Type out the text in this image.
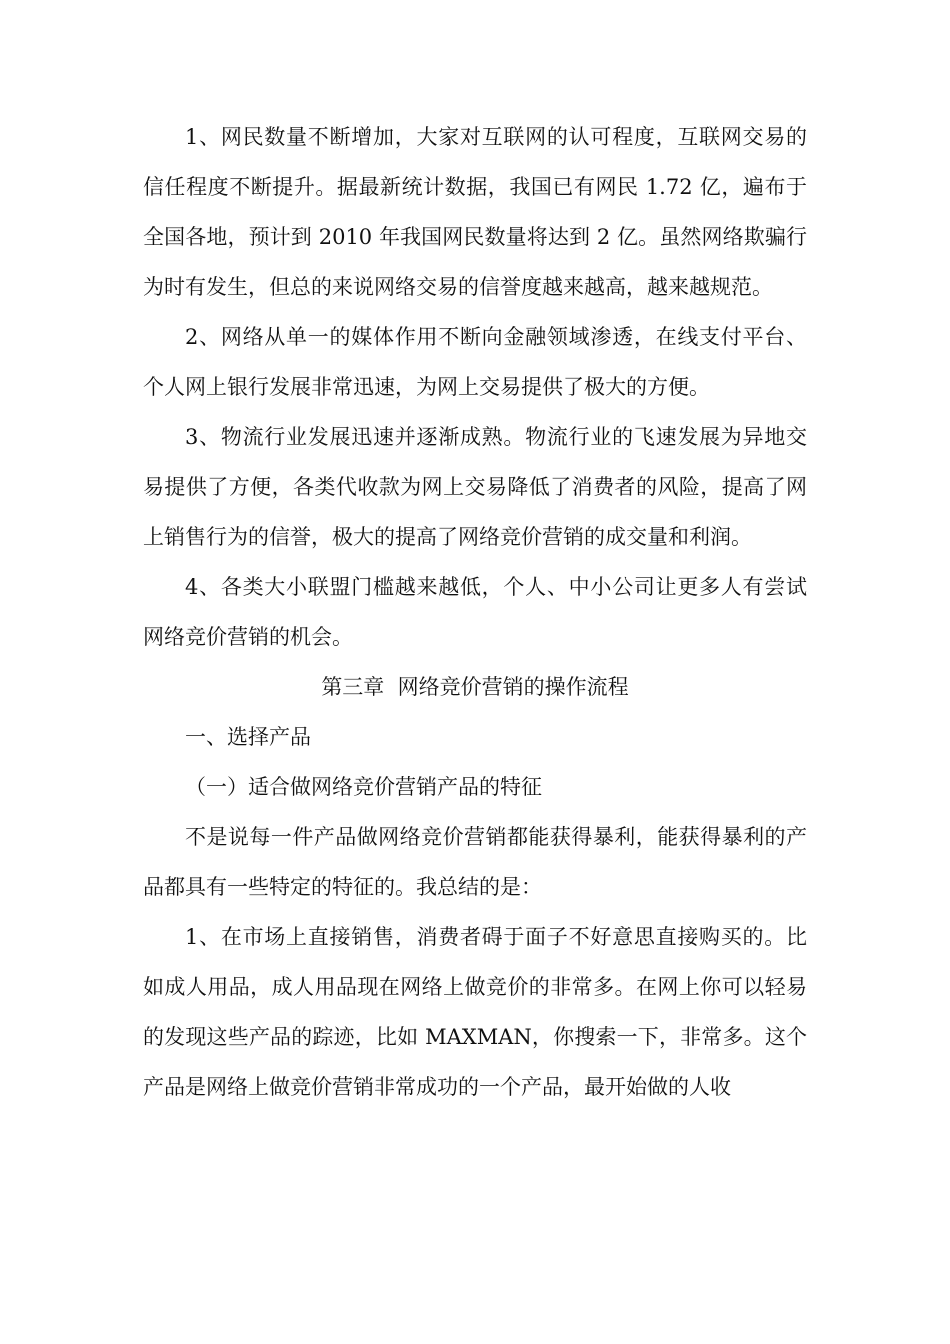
1、网民数量不断增加，大家对互联网的认可程度，互联网交易的信任程度不断提升。据最新统计数据，我国已有网民 1.72 亿，遍布于全国各地，预计到 2010 年我国网民数量将达到 2 亿。虽然网络欺骗行为时有发生，但总的来说网络交易的信誉度越来越高，越来越规范。

2、网络从单一的媒体作用不断向金融领域渗透，在线支付平台、个人网上银行发展非常迅速，为网上交易提供了极大的方便。

3、物流行业发展迅速并逐渐成熟。物流行业的飞速发展为异地交易提供了方便，各类代收款为网上交易降低了消费者的风险，提高了网上销售行为的信誉，极大的提高了网络竞价营销的成交量和利润。

4、各类大小联盟门槛越来越低，个人、中小公司让更多人有尝试网络竞价营销的机会。

第三章  网络竞价营销的操作流程

一、选择产品

（一）适合做网络竞价营销产品的特征

不是说每一件产品做网络竞价营销都能获得暴利，能获得暴利的产品都具有一些特定的特征的。我总结的是：

1、在市场上直接销售，消费者碍于面子不好意思直接购买的。比如成人用品，成人用品现在网络上做竞价的非常多。在网上你可以轻易的发现这些产品的踪迹，比如 MAXMAN，你搜索一下，非常多。这个产品是网络上做竞价营销非常成功的一个产品，最开始做的人收
